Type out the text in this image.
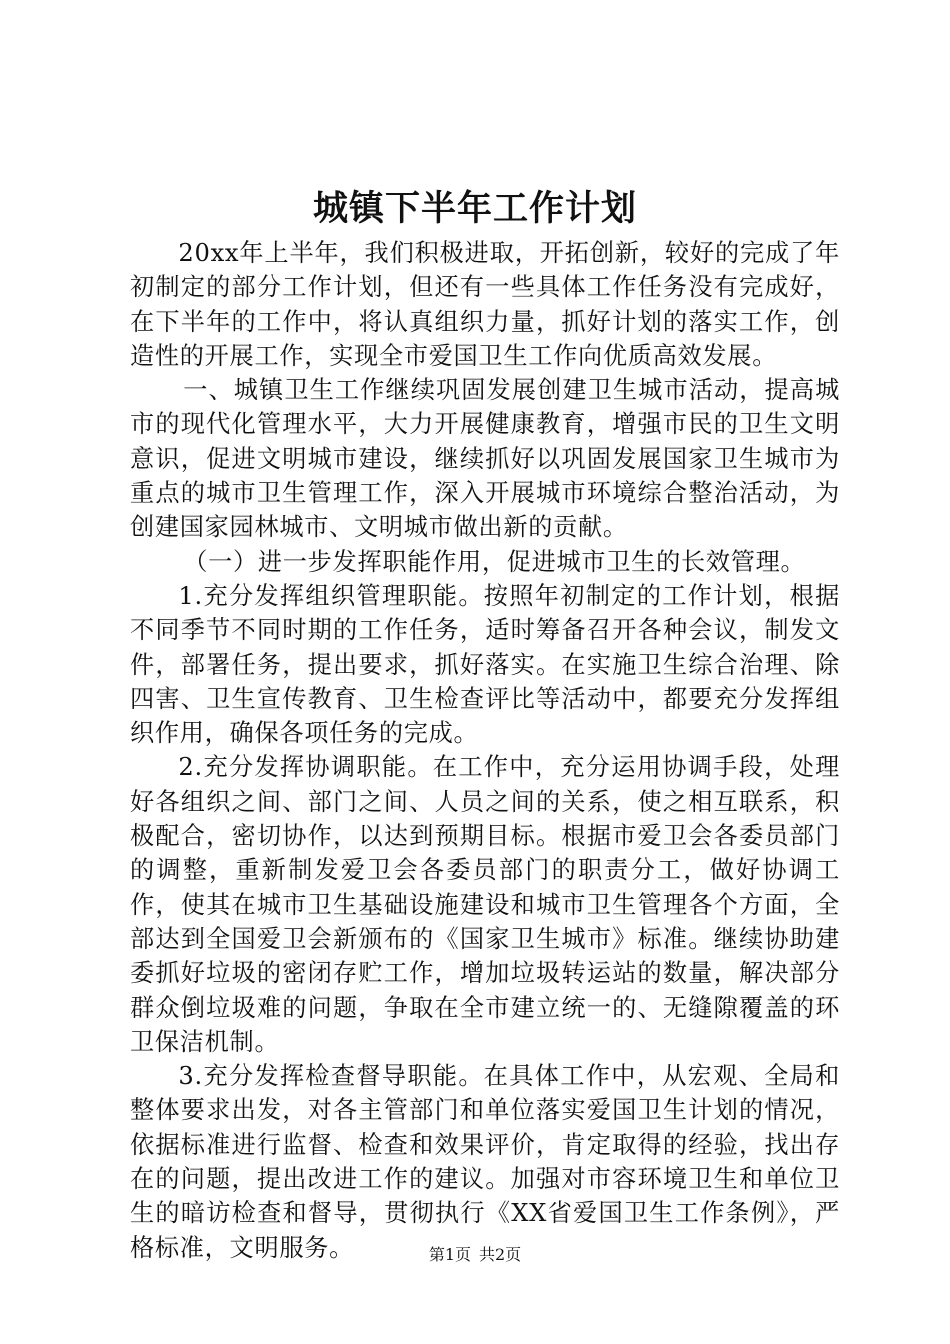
城镇下半年工作计划

20xx年上半年，我们积极进取，开拓创新，较好的完成了年初制定的部分工作计划，但还有一些具体工作任务没有完成好，在下半年的工作中，将认真组织力量，抓好计划的落实工作，创造性的开展工作，实现全市爱国卫生工作向优质高效发展。

一、城镇卫生工作继续巩固发展创建卫生城市活动，提高城市的现代化管理水平，大力开展健康教育，增强市民的卫生文明意识，促进文明城市建设，继续抓好以巩固发展国家卫生城市为重点的城市卫生管理工作，深入开展城市环境综合整治活动，为创建国家园林城市、文明城市做出新的贡献。

（一）进一步发挥职能作用，促进城市卫生的长效管理。

1.充分发挥组织管理职能。按照年初制定的工作计划，根据不同季节不同时期的工作任务，适时筹备召开各种会议，制发文件，部署任务，提出要求，抓好落实。在实施卫生综合治理、除四害、卫生宣传教育、卫生检查评比等活动中，都要充分发挥组织作用，确保各项任务的完成。

2.充分发挥协调职能。在工作中，充分运用协调手段，处理好各组织之间、部门之间、人员之间的关系，使之相互联系，积极配合，密切协作，以达到预期目标。根据市爱卫会各委员部门的调整，重新制发爱卫会各委员部门的职责分工，做好协调工作，使其在城市卫生基础设施建设和城市卫生管理各个方面，全部达到全国爱卫会新颁布的《国家卫生城市》标准。继续协助建委抓好垃圾的密闭存贮工作，增加垃圾转运站的数量，解决部分群众倒垃圾难的问题，争取在全市建立统一的、无缝隙覆盖的环卫保洁机制。

3.充分发挥检查督导职能。在具体工作中，从宏观、全局和整体要求出发，对各主管部门和单位落实爱国卫生计划的情况，依据标准进行监督、检查和效果评价，肯定取得的经验，找出存在的问题，提出改进工作的建议。加强对市容环境卫生和单位卫生的暗访检查和督导，贯彻执行《XX省爱国卫生工作条例》，严格标准，文明服务。	第1页 共2页
